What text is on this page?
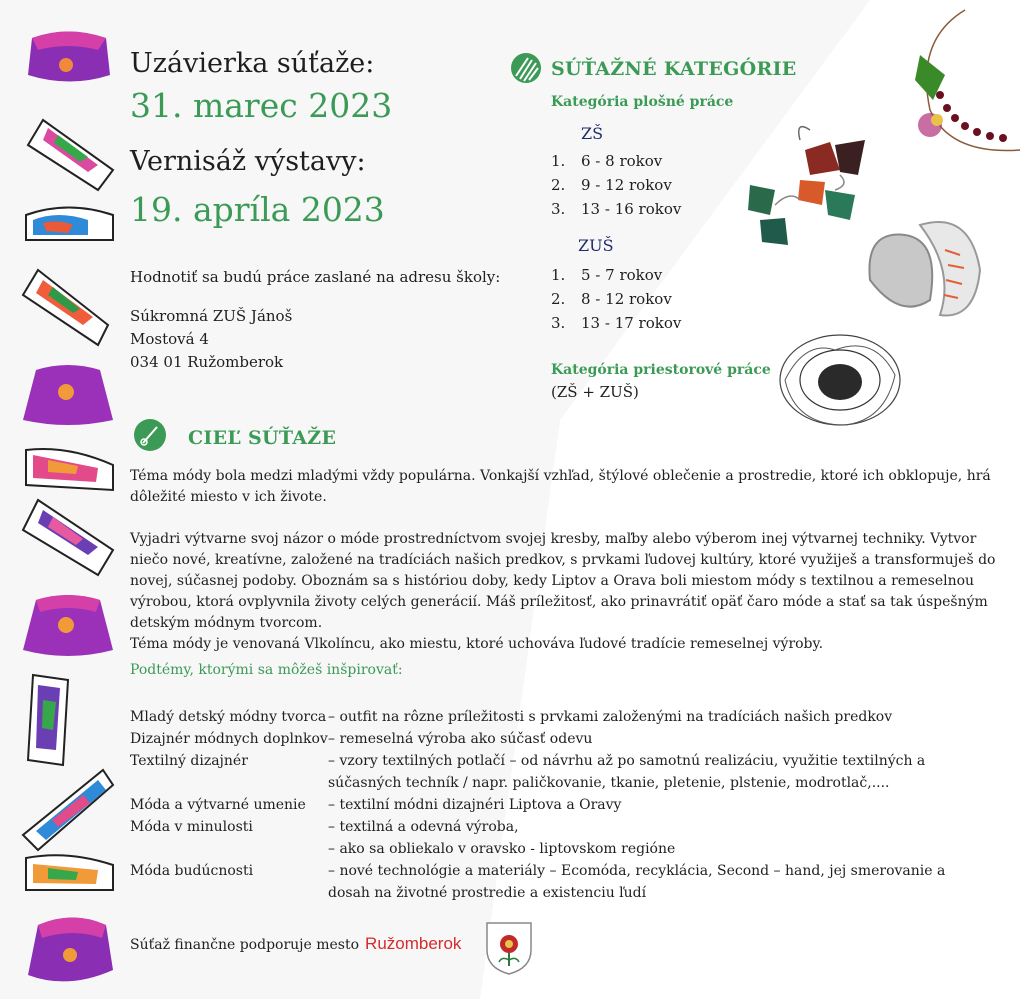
Uzávierka súťaže:
31. marec 2023
Vernisáž výstavy:
19. apríla 2023
Hodnotiť sa budú práce zaslané na adresu školy:
Súkromná ZUŠ Jánoš
Mostová 4
034 01 Ružomberok
SÚŤAŽNÉ KATEGÓRIE
Kategória plošné práce
ZŠ
1.	6 - 8 rokov
2.	9 - 12 rokov
3.	13 - 16 rokov
ZUŠ
1.	5 - 7 rokov
2.	8 - 12 rokov
3.	13 - 17 rokov
Kategória priestorové práce
(ZŠ + ZUŠ)
CIEĽ SÚŤAŽE
Téma módy bola medzi mladými vždy populárna. Vonkajší vzhľad, štýlové oblečenie a prostredie, ktoré ich obklopuje, hrá dôležité miesto v ich živote.
Vyjadri výtvarne svoj názor o móde prostredníctvom svojej kresby, maľby alebo výberom inej výtvarnej techniky. Vytvor niečo nové, kreatívne, založené na tradíciách našich predkov, s prvkami ľudovej kultúry, ktoré využiješ a transformuješ do novej, súčasnej podoby. Oboznám sa s históriou doby, kedy Liptov a Orava boli miestom módy s textilnou a remeselnou výrobou, ktorá ovplyvnila životy celých generácií. Máš príležitosť, ako prinavrátiť opäť čaro móde a stať sa tak úspešným detským módnym tvorcom.
Téma módy je venovaná Vlkolíncu, ako miestu, ktoré uchováva ľudové tradície remeselnej výroby.
Podtémy, ktorými sa môžeš inšpirovať:
Mladý detský módny tvorca – outfit na rôzne príležitosti s prvkami založenými na tradíciách našich predkov
Dizajnér módnych doplnkov – remeselná výroba ako súčasť odevu
Textilný dizajnér	– vzory textilných potlačí – od návrhu až po samotnú realizáciu, využitie textilných a súčasných techník / napr. paličkovanie, tkanie, pletenie, plstenie, modrotlač,....
Móda a výtvarné umenie	– textilní módni dizajnéri Liptova a Oravy
Móda v minulosti	– textilná a odevná výroba,
– ako sa obliekalo v oravsko - liptovskom regióne
Móda budúcnosti	– nové technológie a materiály – Ecomóda, recyklácia, Second – hand, jej smerovanie a dosah na životné prostredie a existenciu ľudí
Súťaž finančne podporuje mesto Ružomberok
